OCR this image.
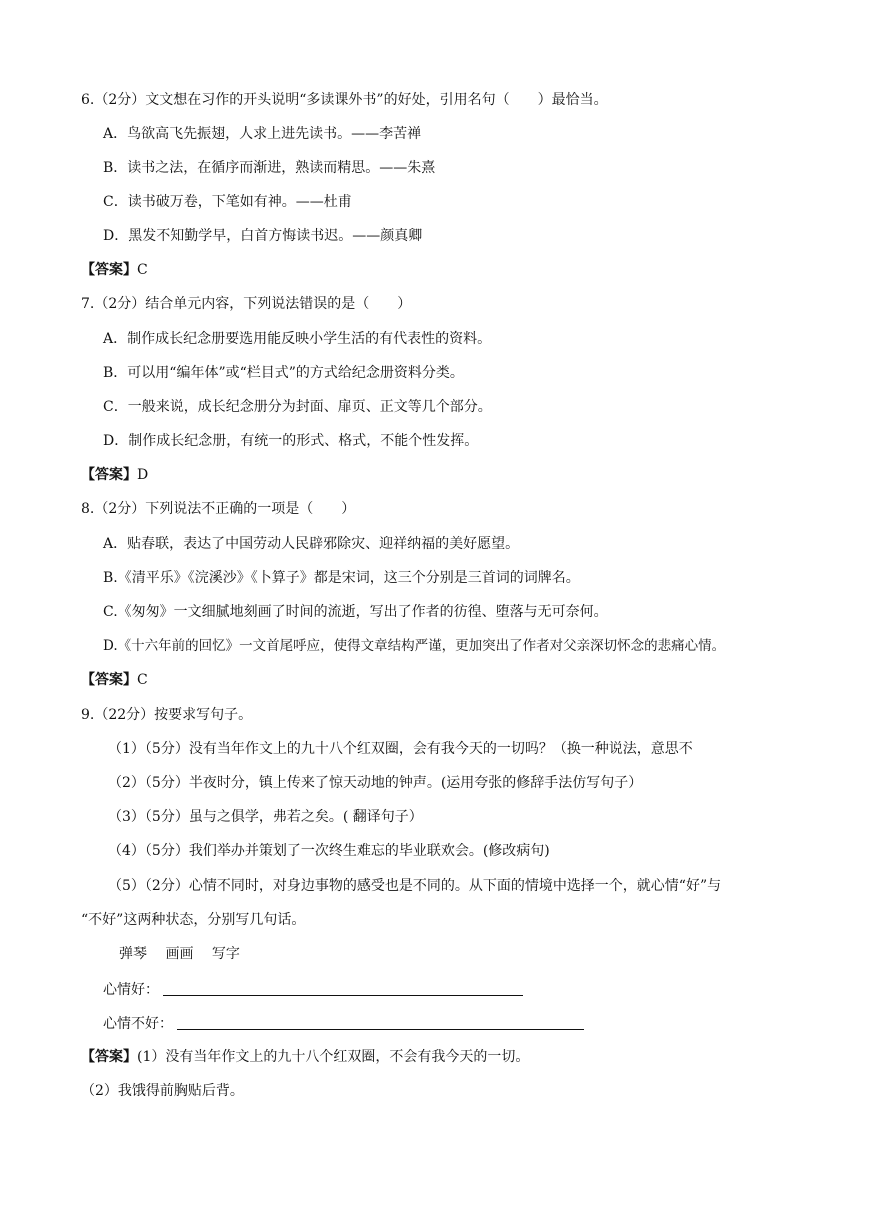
6.（2分）文文想在习作的开头说明“多读课外书”的好处，引用名句（　　）最恰当。
A．鸟欲高飞先振翅，人求上进先读书。——李苦禅
B．读书之法，在循序而渐进，熟读而精思。——朱熹
C．读书破万卷，下笔如有神。——杜甫
D．黑发不知勤学早，白首方悔读书迟。——颜真卿
【答案】C
7.（2分）结合单元内容，下列说法错误的是（　　）
A．制作成长纪念册要选用能反映小学生活的有代表性的资料。
B．可以用“编年体”或“栏目式”的方式给纪念册资料分类。
C．一般来说，成长纪念册分为封面、扉页、正文等几个部分。
D．制作成长纪念册，有统一的形式、格式，不能个性发挥。
【答案】D
8.（2分）下列说法不正确的一项是（　　）
A．贴春联，表达了中国劳动人民辟邪除灾、迎祥纳福的美好愿望。
B.《清平乐》《浣溪沙》《卜算子》都是宋词，这三个分别是三首词的词牌名。
C.《匆匆》一文细腻地刻画了时间的流逝，写出了作者的彷徨、堕落与无可奈何。
D.《十六年前的回忆》一文首尾呼应，使得文章结构严谨，更加突出了作者对父亲深切怀念的悲痛心情。
【答案】C
9.（22分）按要求写句子。
（1）（5分）没有当年作文上的九十八个红双圈，会有我今天的一切吗？（换一种说法，意思不
（2）（5分）半夜时分，镇上传来了惊天动地的钟声。(运用夸张的修辞手法仿写句子）
（3）（5分）虽与之俱学，弗若之矣。( 翻译句子）
（4）（5分）我们举办并策划了一次终生难忘的毕业联欢会。(修改病句)
（5）（2分）心情不同时，对身边事物的感受也是不同的。从下面的情境中选择一个，就心情“好”与
“不好”这两种状态，分别写几句话。
弹琴　 画画　 写字
心情好：
心情不好：
【答案】(1）没有当年作文上的九十八个红双圈，不会有我今天的一切。
（2）我饿得前胸贴后背。
